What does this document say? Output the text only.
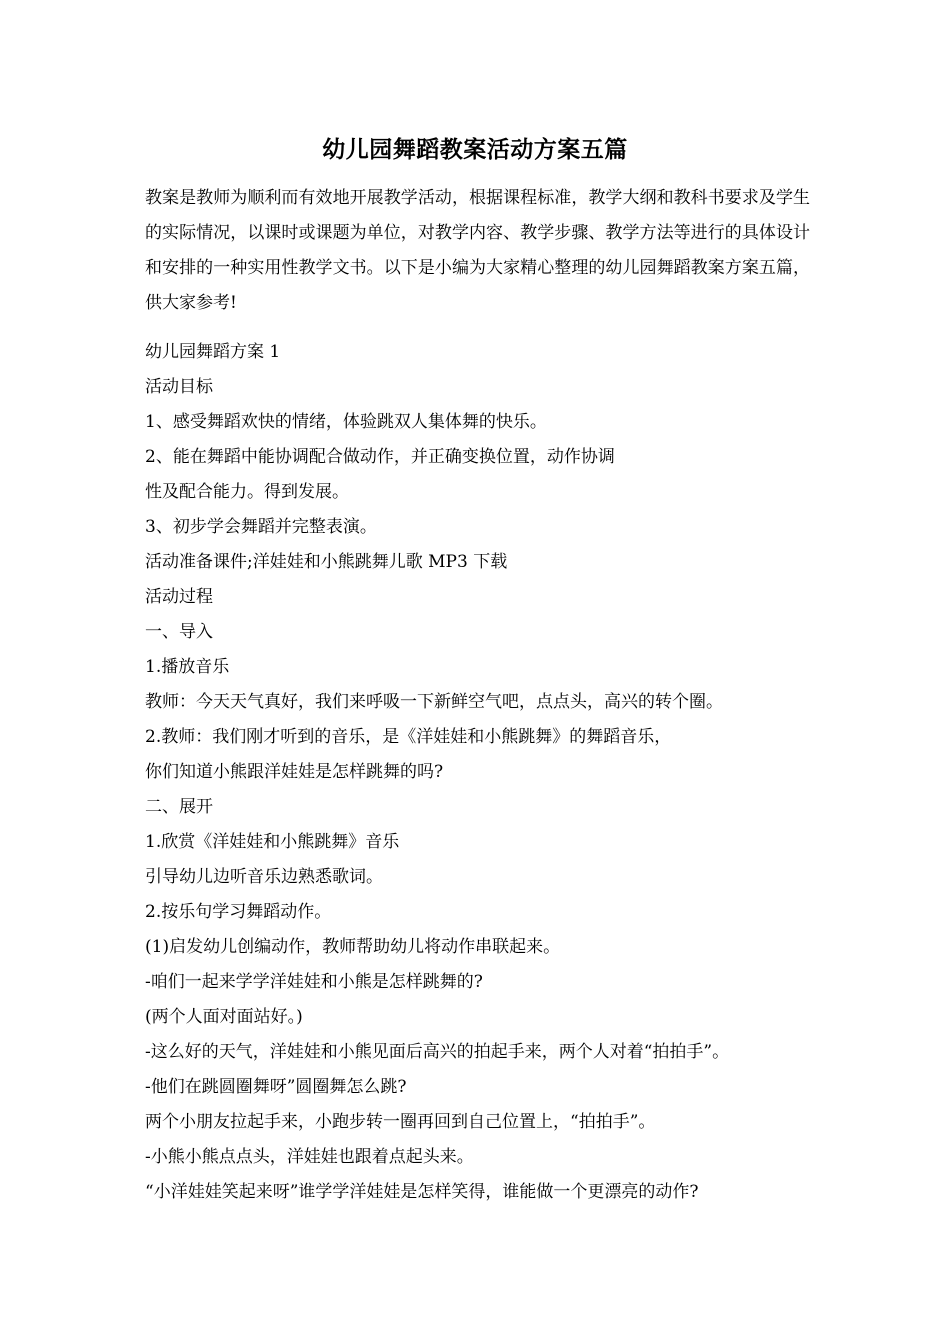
幼儿园舞蹈教案活动方案五篇
教案是教师为顺利而有效地开展教学活动，根据课程标准，教学大纲和教科书要求及学生的实际情况，以课时或课题为单位，对教学内容、教学步骤、教学方法等进行的具体设计和安排的一种实用性教学文书。以下是小编为大家精心整理的幼儿园舞蹈教案方案五篇，供大家参考!
幼儿园舞蹈方案 1
活动目标
1、感受舞蹈欢快的情绪，体验跳双人集体舞的快乐。
2、能在舞蹈中能协调配合做动作，并正确变换位置，动作协调
性及配合能力。得到发展。
3、初步学会舞蹈并完整表演。
活动准备课件;洋娃娃和小熊跳舞儿歌 MP3 下载
活动过程
一、导入
1.播放音乐
教师：今天天气真好，我们来呼吸一下新鲜空气吧，点点头，高兴的转个圈。
2.教师：我们刚才听到的音乐，是《洋娃娃和小熊跳舞》的舞蹈音乐，
你们知道小熊跟洋娃娃是怎样跳舞的吗?
二、展开
1.欣赏《洋娃娃和小熊跳舞》音乐
引导幼儿边听音乐边熟悉歌词。
2.按乐句学习舞蹈动作。
(1)启发幼儿创编动作，教师帮助幼儿将动作串联起来。
-咱们一起来学学洋娃娃和小熊是怎样跳舞的?
(两个人面对面站好。)
-这么好的天气，洋娃娃和小熊见面后高兴的拍起手来，两个人对着“拍拍手”。
-他们在跳圆圈舞呀”圆圈舞怎么跳?
两个小朋友拉起手来，小跑步转一圈再回到自己位置上，“拍拍手”。
-小熊小熊点点头，洋娃娃也跟着点起头来。
“小洋娃娃笑起来呀”谁学学洋娃娃是怎样笑得，谁能做一个更漂亮的动作?
